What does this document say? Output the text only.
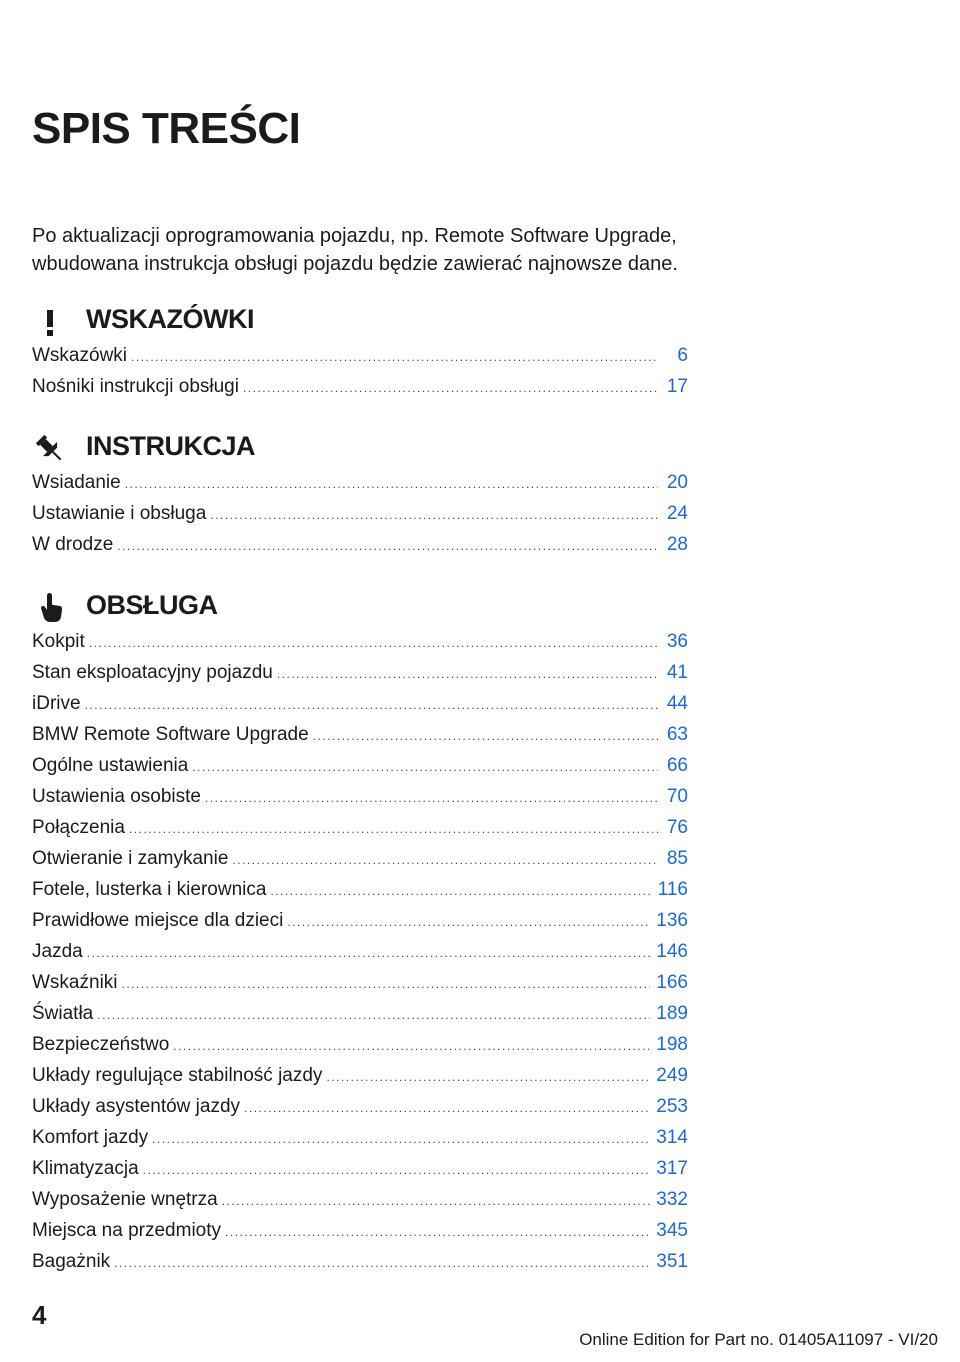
SPIS TREŚCI
Po aktualizacji oprogramowania pojazdu, np. Remote Software Upgrade, wbudowana instrukcja obsługi pojazdu będzie zawierać najnowsze dane.
WSKAZÓWKI
Wskazówki .....	6
Nośniki instrukcji obsługi .....	17
INSTRUKCJA
Wsiadanie .....	20
Ustawianie i obsługa .....	24
W drodze .....	28
OBSŁUGA
Kokpit .....	36
Stan eksploatacyjny pojazdu .....	41
iDrive .....	44
BMW Remote Software Upgrade .....	63
Ogólne ustawienia .....	66
Ustawienia osobiste .....	70
Połączenia .....	76
Otwieranie i zamykanie .....	85
Fotele, lusterka i kierownica .....	116
Prawidłowe miejsce dla dzieci .....	136
Jazda .....	146
Wskaźniki .....	166
Światła .....	189
Bezpieczeństwo .....	198
Układy regulujące stabilność jazdy .....	249
Układy asystentów jazdy .....	253
Komfort jazdy .....	314
Klimatyzacja .....	317
Wyposażenie wnętrza .....	332
Miejsca na przedmioty .....	345
Bagażnik .....	351
4
Online Edition for Part no. 01405A11097 - VI/20
